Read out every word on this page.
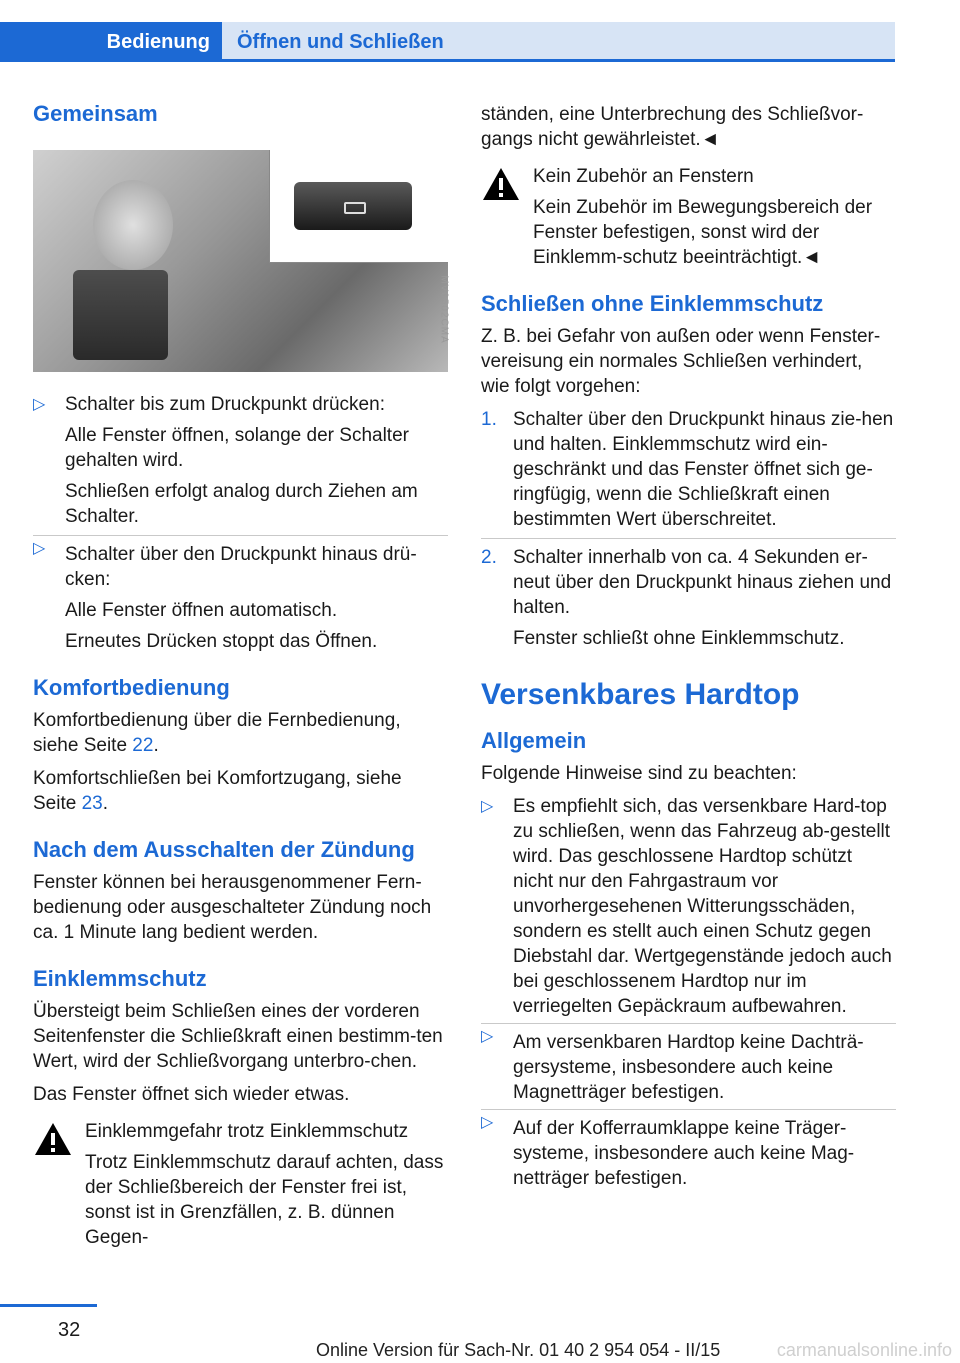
Bedienung	Öffnen und Schließen
Gemeinsam
MV0502CMA

▷ Schalter bis zum Druckpunkt drücken:

Alle Fenster öffnen, solange der Schalter gehalten wird.

Schließen erfolgt analog durch Ziehen am Schalter.

▷ Schalter über den Druckpunkt hinaus drü-cken:

Alle Fenster öffnen automatisch.

Erneutes Drücken stoppt das Öffnen.

Komfortbedienung

Komfortbedienung über die Fernbedienung, siehe Seite 22.

Komfortschließen bei Komfortzugang, siehe Seite 23.

Nach dem Ausschalten der Zündung

Fenster können bei herausgenommener Fern-bedienung oder ausgeschalteter Zündung noch ca. 1 Minute lang bedient werden.

Einklemmschutz

Übersteigt beim Schließen eines der vorderen Seitenfenster die Schließkraft einen bestimm-ten Wert, wird der Schließvorgang unterbro-chen.

Das Fenster öffnet sich wieder etwas.

Einklemmgefahr trotz Einklemmschutz

Trotz Einklemmschutz darauf achten, dass der Schließbereich der Fenster frei ist, sonst ist in Grenzfällen, z. B. dünnen Gegen-

ständen, eine Unterbrechung des Schließvor-gangs nicht gewährleistet.◄

Kein Zubehör an Fenstern

Kein Zubehör im Bewegungsbereich der Fenster befestigen, sonst wird der Einklemm-schutz beeinträchtigt.◄

Schließen ohne Einklemmschutz

Z. B. bei Gefahr von außen oder wenn Fenster-vereisung ein normales Schließen verhindert, wie folgt vorgehen:

1. Schalter über den Druckpunkt hinaus zie-hen und halten. Einklemmschutz wird ein-geschränkt und das Fenster öffnet sich ge-ringfügig, wenn die Schließkraft einen bestimmten Wert überschreitet.

2. Schalter innerhalb von ca. 4 Sekunden er-neut über den Druckpunkt hinaus ziehen und halten.

Fenster schließt ohne Einklemmschutz.

Versenkbares Hardtop
Allgemein

Folgende Hinweise sind zu beachten:

▷ Es empfiehlt sich, das versenkbare Hard-top zu schließen, wenn das Fahrzeug ab-gestellt wird. Das geschlossene Hardtop schützt nicht nur den Fahrgastraum vor unvorhergesehenen Witterungsschäden, sondern es stellt auch einen Schutz gegen Diebstahl dar. Wertgegenstände jedoch auch bei geschlossenem Hardtop nur im verriegelten Gepäckraum aufbewahren.
▷ Am versenkbaren Hardtop keine Dachträ-gersysteme, insbesondere auch keine Magnetträger befestigen.
▷ Auf der Kofferraumklappe keine Träger-systeme, insbesondere auch keine Mag-netträger befestigen.
32
Online Version für Sach-Nr. 01 40 2 954 054 - II/15	carmanualsonline.info
